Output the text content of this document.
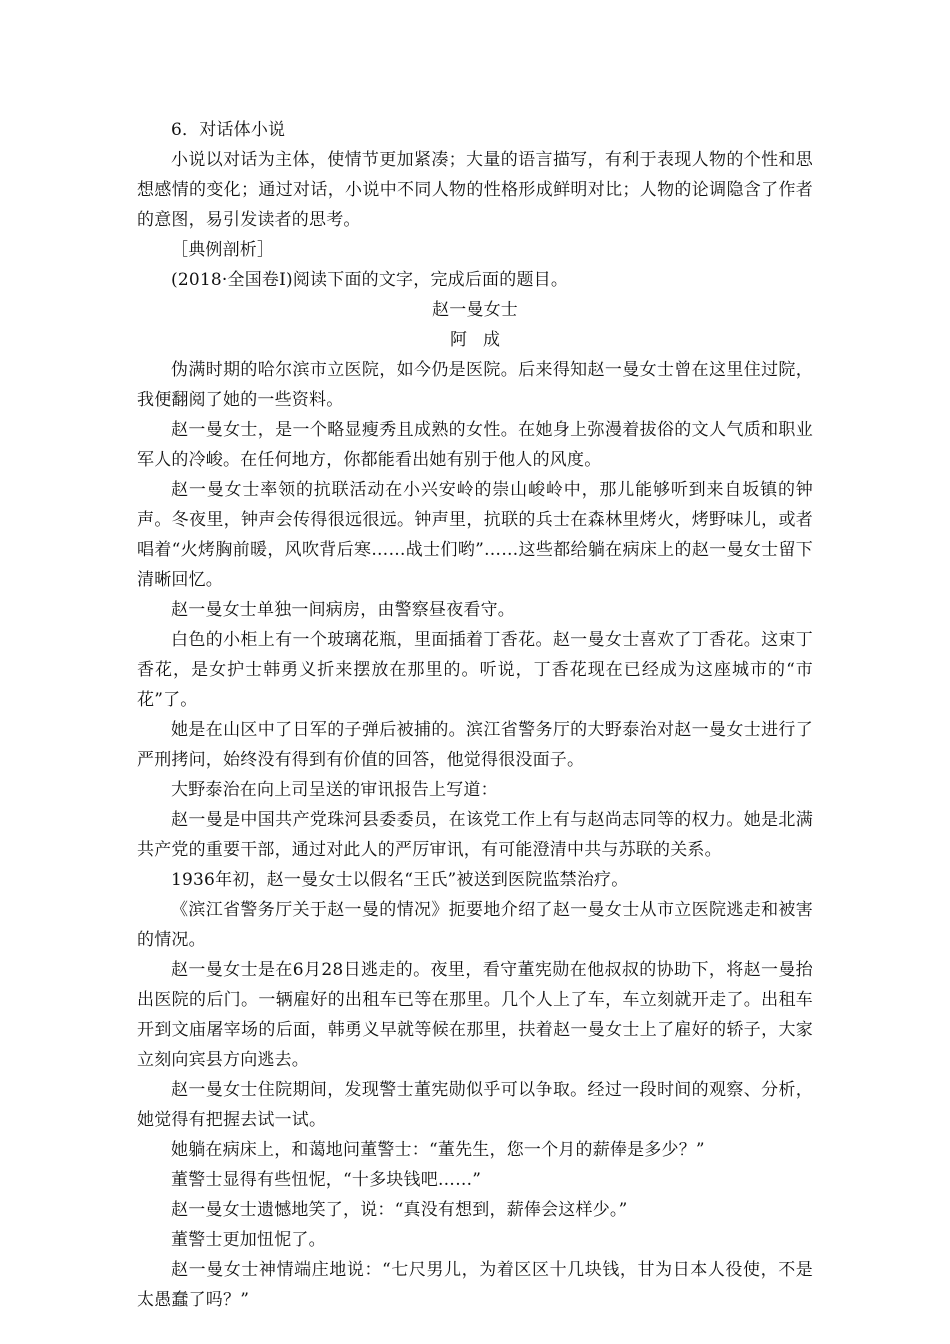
6．对话体小说

小说以对话为主体，使情节更加紧凑；大量的语言描写，有利于表现人物的个性和思想感情的变化；通过对话，小说中不同人物的性格形成鲜明对比；人物的论调隐含了作者的意图，易引发读者的思考。

［典例剖析］

(2018·全国卷Ⅰ)阅读下面的文字，完成后面的题目。

赵一曼女士

阿成

伪满时期的哈尔滨市立医院，如今仍是医院。后来得知赵一曼女士曾在这里住过院，我便翻阅了她的一些资料。

赵一曼女士，是一个略显瘦秀且成熟的女性。在她身上弥漫着拔俗的文人气质和职业军人的冷峻。在任何地方，你都能看出她有别于他人的风度。

赵一曼女士率领的抗联活动在小兴安岭的崇山峻岭中，那儿能够听到来自坂镇的钟声。冬夜里，钟声会传得很远很远。钟声里，抗联的兵士在森林里烤火，烤野味儿，或者唱着“火烤胸前暖，风吹背后寒……战士们哟”……这些都给躺在病床上的赵一曼女士留下清晰回忆。

赵一曼女士单独一间病房，由警察昼夜看守。

白色的小柜上有一个玻璃花瓶，里面插着丁香花。赵一曼女士喜欢了丁香花。这束丁香花，是女护士韩勇义折来摆放在那里的。听说，丁香花现在已经成为这座城市的“市花”了。

她是在山区中了日军的子弹后被捕的。滨江省警务厅的大野泰治对赵一曼女士进行了严刑拷问，始终没有得到有价值的回答，他觉得很没面子。

大野泰治在向上司呈送的审讯报告上写道：

赵一曼是中国共产党珠河县委委员，在该党工作上有与赵尚志同等的权力。她是北满共产党的重要干部，通过对此人的严厉审讯，有可能澄清中共与苏联的关系。

1936年初，赵一曼女士以假名“王氏”被送到医院监禁治疗。

《滨江省警务厅关于赵一曼的情况》扼要地介绍了赵一曼女士从市立医院逃走和被害的情况。

赵一曼女士是在6月28日逃走的。夜里，看守董宪勋在他叔叔的协助下，将赵一曼抬出医院的后门。一辆雇好的出租车已等在那里。几个人上了车，车立刻就开走了。出租车开到文庙屠宰场的后面，韩勇义早就等候在那里，扶着赵一曼女士上了雇好的轿子，大家立刻向宾县方向逃去。

赵一曼女士住院期间，发现警士董宪勋似乎可以争取。经过一段时间的观察、分析，她觉得有把握去试一试。

她躺在病床上，和蔼地问董警士：“董先生，您一个月的薪俸是多少？”

董警士显得有些忸怩，“十多块钱吧……”

赵一曼女士遗憾地笑了，说：“真没有想到，薪俸会这样少。”

董警士更加忸怩了。

赵一曼女士神情端庄地说：“七尺男儿，为着区区十几块钱，甘为日本人役使，不是太愚蠢了吗？”
